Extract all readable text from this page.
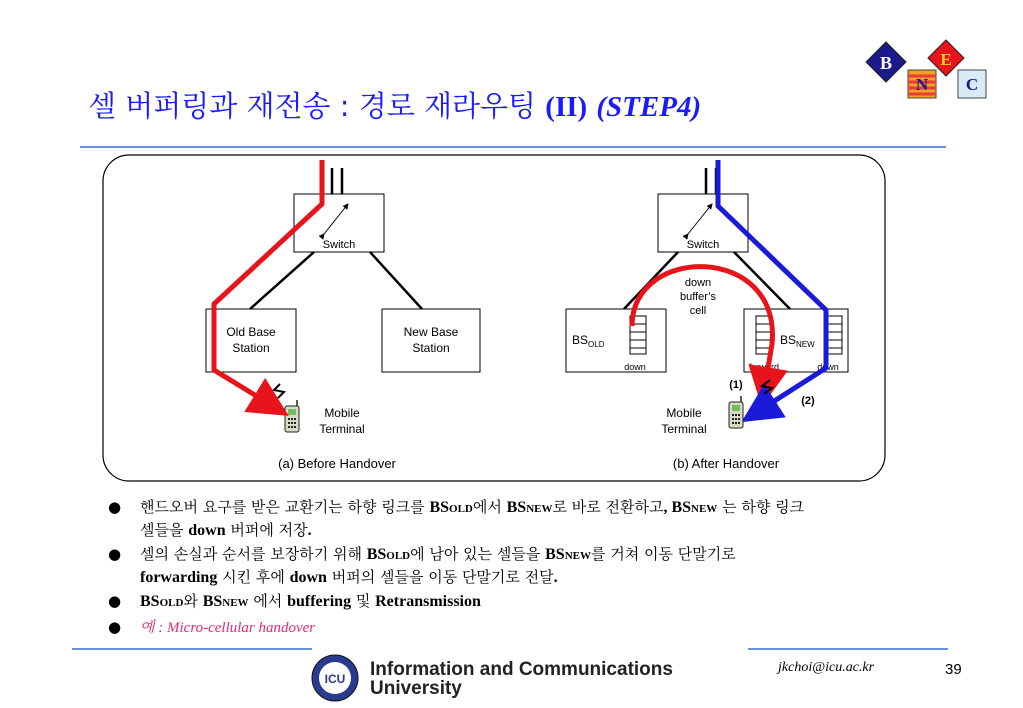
셀 버퍼링과 재전송 : 경로 재라우팅 (II) (STEP4)
B
N
E
C
Switch
Old Base
Station
New Base
Station
Mobile
Terminal
(a) Before Handover
Switch
$BS_{OLD}$
down
$BS_{NEW}$
forward	down
down
buffer’s
cell
(1)
(2)
Mobile
Terminal
(b) After Handover
● 핸드오버 요구를 받은 교환기는 하향 링크를 BSOLD에서 BSNEW로 바로 전환하고, BSNEW 는 하향 링크
셀들을 down 버퍼에 저장.
● 셀의 손실과 순서를 보장하기 위해 BSOLD에 남아 있는 셀들을 BSNEW를 거쳐 이동 단말기로
forwarding 시킨 후에 down 버퍼의 셀들을 이동 단말기로 전달.
● BSOLD와 BSNEW 에서 buffering 및 Retransmission
● 예 : Micro-cellular handover
ICU Information and Communications
University
jkchoi@icu.ac.kr	39
